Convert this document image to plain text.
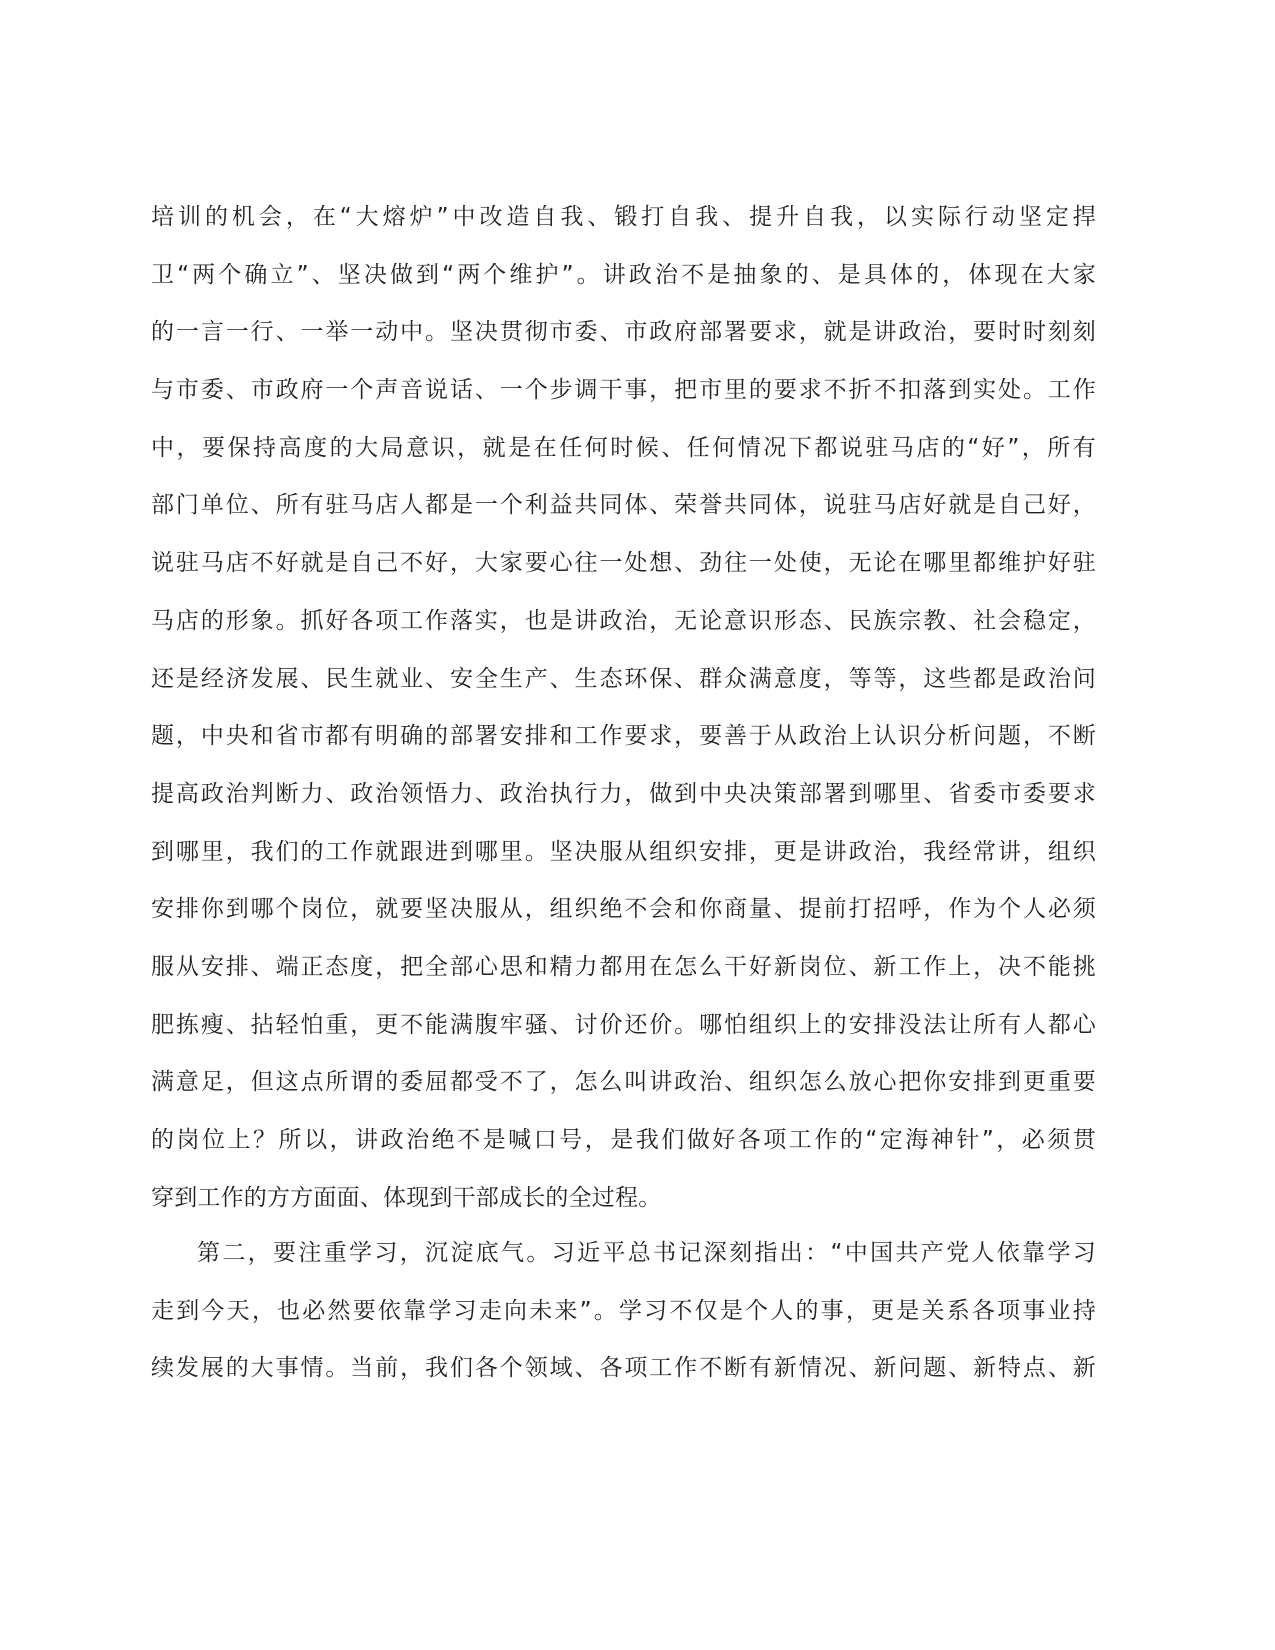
培训的机会，在“大熔炉”中改造自我、锻打自我、提升自我，以实际行动坚定捍
卫“两个确立”、坚决做到“两个维护”。讲政治不是抽象的、是具体的，体现在大家
的一言一行、一举一动中。坚决贯彻市委、市政府部署要求，就是讲政治，要时时刻刻
与市委、市政府一个声音说话、一个步调干事，把市里的要求不折不扣落到实处。工作
中，要保持高度的大局意识，就是在任何时候、任何情况下都说驻马店的“好”，所有
部门单位、所有驻马店人都是一个利益共同体、荣誉共同体，说驻马店好就是自己好，
说驻马店不好就是自己不好，大家要心往一处想、劲往一处使，无论在哪里都维护好驻
马店的形象。抓好各项工作落实，也是讲政治，无论意识形态、民族宗教、社会稳定，
还是经济发展、民生就业、安全生产、生态环保、群众满意度，等等，这些都是政治问
题，中央和省市都有明确的部署安排和工作要求，要善于从政治上认识分析问题，不断
提高政治判断力、政治领悟力、政治执行力，做到中央决策部署到哪里、省委市委要求
到哪里，我们的工作就跟进到哪里。坚决服从组织安排，更是讲政治，我经常讲，组织
安排你到哪个岗位，就要坚决服从，组织绝不会和你商量、提前打招呼，作为个人必须
服从安排、端正态度，把全部心思和精力都用在怎么干好新岗位、新工作上，决不能挑
肥拣瘦、拈轻怕重，更不能满腹牢骚、讨价还价。哪怕组织上的安排没法让所有人都心
满意足，但这点所谓的委屈都受不了，怎么叫讲政治、组织怎么放心把你安排到更重要
的岗位上？所以，讲政治绝不是喊口号，是我们做好各项工作的“定海神针”，必须贯
穿到工作的方方面面、体现到干部成长的全过程。
第二，要注重学习，沉淀底气。习近平总书记深刻指出：“中国共产党人依靠学习
走到今天，也必然要依靠学习走向未来”。学习不仅是个人的事，更是关系各项事业持
续发展的大事情。当前，我们各个领域、各项工作不断有新情况、新问题、新特点、新
